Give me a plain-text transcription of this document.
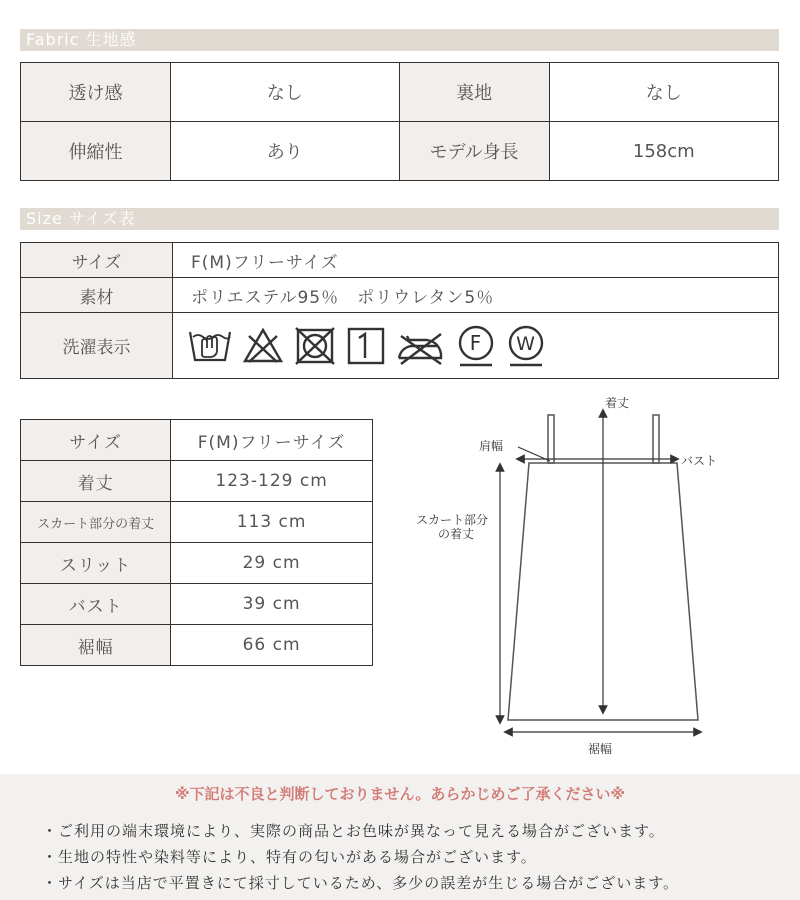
Fabric 生地感
透け感	なし	裏地	なし
伸縮性	あり	モデル身長	158cm
Size サイズ表
サイズ	F(M)フリーサイズ
素材	ポリエステル95％　ポリウレタン5％
洗濯表示	F W
サイズ	F(M)フリーサイズ
着丈	123-129 cm
スカート部分の着丈	113 cm
スリット	29 cm
バスト	39 cm
裾幅	66 cm
着丈
肩幅
バスト
スカート部分
の着丈
裾幅
※下記は不良と判断しておりません。あらかじめご了承ください※
・ご利用の端末環境により、実際の商品とお色味が異なって見える場合がございます。
・生地の特性や染料等により、特有の匂いがある場合がございます。
・サイズは当店で平置きにて採寸しているため、多少の誤差が生じる場合がございます。
